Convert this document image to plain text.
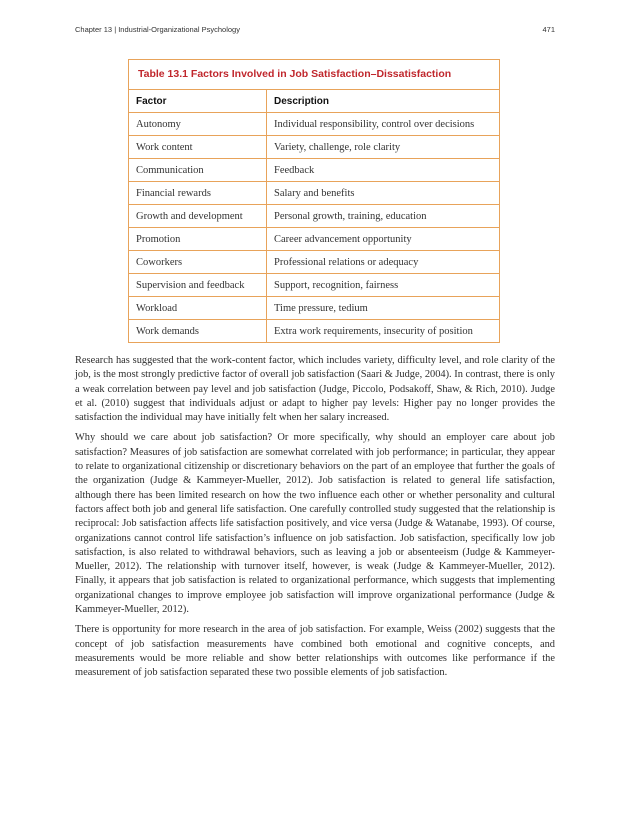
Chapter 13 | Industrial-Organizational Psychology	471
Table 13.1 Factors Involved in Job Satisfaction–Dissatisfaction
Factor	Description
Autonomy	Individual responsibility, control over decisions
Work content	Variety, challenge, role clarity
Communication	Feedback
Financial rewards	Salary and benefits
Growth and development	Personal growth, training, education
Promotion	Career advancement opportunity
Coworkers	Professional relations or adequacy
Supervision and feedback	Support, recognition, fairness
Workload	Time pressure, tedium
Work demands	Extra work requirements, insecurity of position

Research has suggested that the work-content factor, which includes variety, difficulty level, and role clarity of the job, is the most strongly predictive factor of overall job satisfaction (Saari & Judge, 2004). In contrast, there is only a weak correlation between pay level and job satisfaction (Judge, Piccolo, Podsakoff, Shaw, & Rich, 2010). Judge et al. (2010) suggest that individuals adjust or adapt to higher pay levels: Higher pay no longer provides the satisfaction the individual may have initially felt when her salary increased.

Why should we care about job satisfaction? Or more specifically, why should an employer care about job satisfaction? Measures of job satisfaction are somewhat correlated with job performance; in particular, they appear to relate to organizational citizenship or discretionary behaviors on the part of an employee that further the goals of the organization (Judge & Kammeyer-Mueller, 2012). Job satisfaction is related to general life satisfaction, although there has been limited research on how the two influence each other or whether personality and cultural factors affect both job and general life satisfaction. One carefully controlled study suggested that the relationship is reciprocal: Job satisfaction affects life satisfaction positively, and vice versa (Judge & Watanabe, 1993). Of course, organizations cannot control life satisfaction’s influence on job satisfaction. Job satisfaction, specifically low job satisfaction, is also related to withdrawal behaviors, such as leaving a job or absenteeism (Judge & Kammeyer-Mueller, 2012). The relationship with turnover itself, however, is weak (Judge & Kammeyer-Mueller, 2012). Finally, it appears that job satisfaction is related to organizational performance, which suggests that implementing organizational changes to improve employee job satisfaction will improve organizational performance (Judge & Kammeyer-Mueller, 2012).

There is opportunity for more research in the area of job satisfaction. For example, Weiss (2002) suggests that the concept of job satisfaction measurements have combined both emotional and cognitive concepts, and measurements would be more reliable and show better relationships with outcomes like performance if the measurement of job satisfaction separated these two possible elements of job satisfaction.
